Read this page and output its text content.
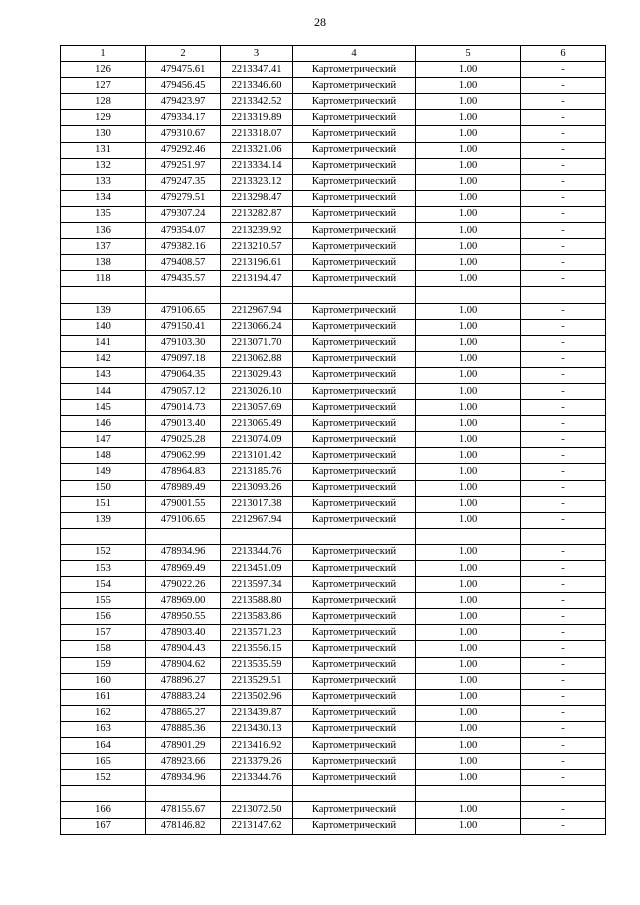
28
1	2	3	4	5	6
126	479475.61	2213347.41	Картометрический	1.00	-
127	479456.45	2213346.60	Картометрический	1.00	-
128	479423.97	2213342.52	Картометрический	1.00	-
129	479334.17	2213319.89	Картометрический	1.00	-
130	479310.67	2213318.07	Картометрический	1.00	-
131	479292.46	2213321.06	Картометрический	1.00	-
132	479251.97	2213334.14	Картометрический	1.00	-
133	479247.35	2213323.12	Картометрический	1.00	-
134	479279.51	2213298.47	Картометрический	1.00	-
135	479307.24	2213282.87	Картометрический	1.00	-
136	479354.07	2213239.92	Картометрический	1.00	-
137	479382.16	2213210.57	Картометрический	1.00	-
138	479408.57	2213196.61	Картометрический	1.00	-
118	479435.57	2213194.47	Картометрический	1.00	-

139	479106.65	2212967.94	Картометрический	1.00	-
140	479150.41	2213066.24	Картометрический	1.00	-
141	479103.30	2213071.70	Картометрический	1.00	-
142	479097.18	2213062.88	Картометрический	1.00	-
143	479064.35	2213029.43	Картометрический	1.00	-
144	479057.12	2213026.10	Картометрический	1.00	-
145	479014.73	2213057.69	Картометрический	1.00	-
146	479013.40	2213065.49	Картометрический	1.00	-
147	479025.28	2213074.09	Картометрический	1.00	-
148	479062.99	2213101.42	Картометрический	1.00	-
149	478964.83	2213185.76	Картометрический	1.00	-
150	478989.49	2213093.26	Картометрический	1.00	-
151	479001.55	2213017.38	Картометрический	1.00	-
139	479106.65	2212967.94	Картометрический	1.00	-

152	478934.96	2213344.76	Картометрический	1.00	-
153	478969.49	2213451.09	Картометрический	1.00	-
154	479022.26	2213597.34	Картометрический	1.00	-
155	478969.00	2213588.80	Картометрический	1.00	-
156	478950.55	2213583.86	Картометрический	1.00	-
157	478903.40	2213571.23	Картометрический	1.00	-
158	478904.43	2213556.15	Картометрический	1.00	-
159	478904.62	2213535.59	Картометрический	1.00	-
160	478896.27	2213529.51	Картометрический	1.00	-
161	478883.24	2213502.96	Картометрический	1.00	-
162	478865.27	2213439.87	Картометрический	1.00	-
163	478885.36	2213430.13	Картометрический	1.00	-
164	478901.29	2213416.92	Картометрический	1.00	-
165	478923.66	2213379.26	Картометрический	1.00	-
152	478934.96	2213344.76	Картометрический	1.00	-

166	478155.67	2213072.50	Картометрический	1.00	-
167	478146.82	2213147.62	Картометрический	1.00	-
